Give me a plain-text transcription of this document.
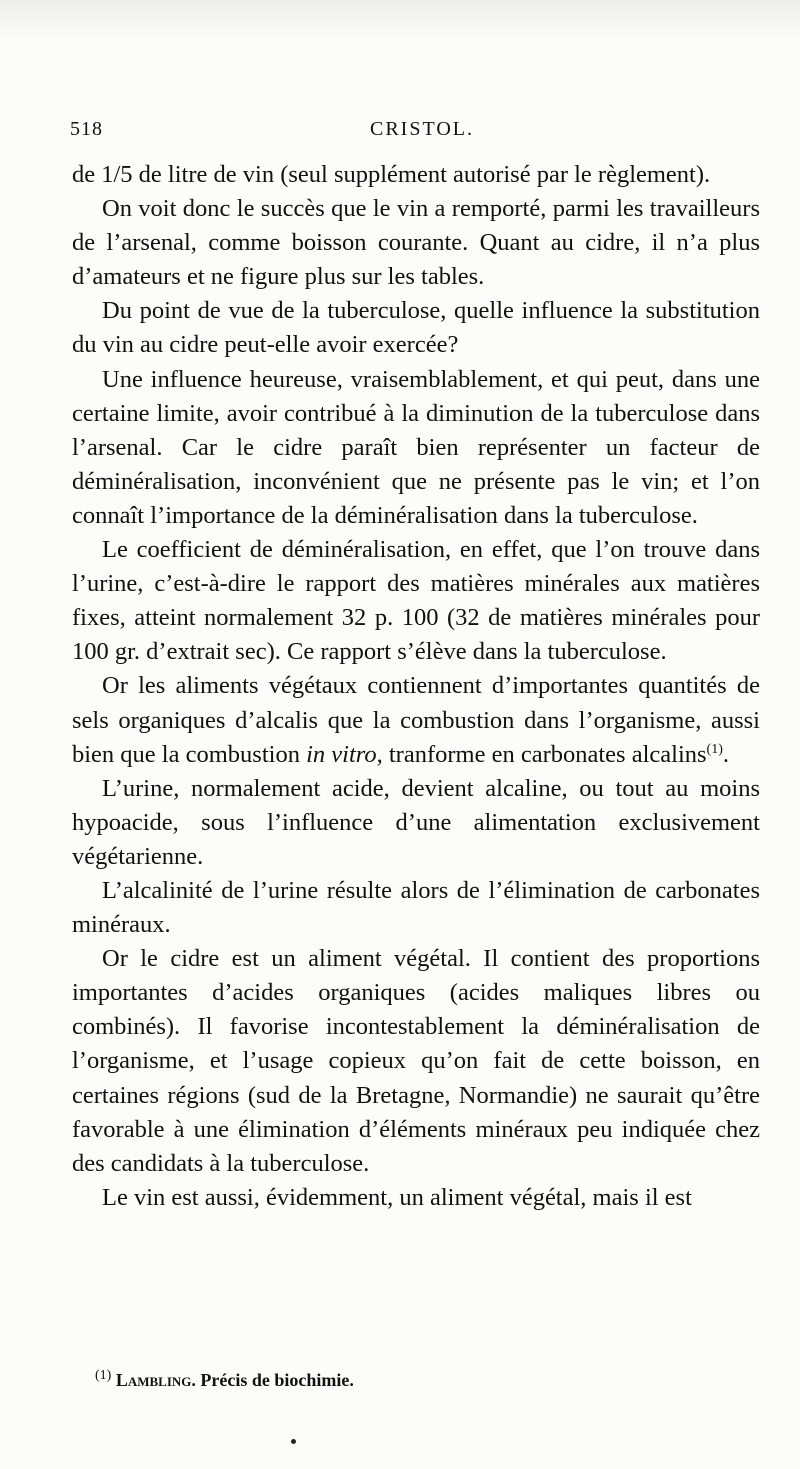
518	CRISTOL.

de 1/5 de litre de vin (seul supplément autorisé par le règlement).

On voit donc le succès que le vin a remporté, parmi les travailleurs de l’arsenal, comme boisson courante. Quant au cidre, il n’a plus d’amateurs et ne figure plus sur les tables.

Du point de vue de la tuberculose, quelle influence la substitution du vin au cidre peut-elle avoir exercée?

Une influence heureuse, vraisemblablement, et qui peut, dans une certaine limite, avoir contribué à la diminution de la tuberculose dans l’arsenal. Car le cidre paraît bien représenter un facteur de déminéralisation, inconvénient que ne présente pas le vin; et l’on connaît l’importance de la déminéralisation dans la tuberculose.

Le coefficient de déminéralisation, en effet, que l’on trouve dans l’urine, c’est-à-dire le rapport des matières minérales aux matières fixes, atteint normalement 32 p. 100 (32 de matières minérales pour 100 gr. d’extrait sec). Ce rapport s’élève dans la tuberculose.

Or les aliments végétaux contiennent d’importantes quantités de sels organiques d’alcalis que la combustion dans l’organisme, aussi bien que la combustion in vitro, tranforme en carbonates alcalins$^{(1)}$.

L’urine, normalement acide, devient alcaline, ou tout au moins hypoacide, sous l’influence d’une alimentation exclusivement végétarienne.

L’alcalinité de l’urine résulte alors de l’élimination de carbonates minéraux.

Or le cidre est un aliment végétal. Il contient des proportions importantes d’acides organiques (acides maliques libres ou combinés). Il favorise incontestablement la déminéralisation de l’organisme, et l’usage copieux qu’on fait de cette boisson, en certaines régions (sud de la Bretagne, Normandie) ne saurait qu’être favorable à une élimination d’éléments minéraux peu indiquée chez des candidats à la tuberculose.

Le vin est aussi, évidemment, un aliment végétal, mais il est

$^{(1)}$ Lambling. Précis de biochimie.
